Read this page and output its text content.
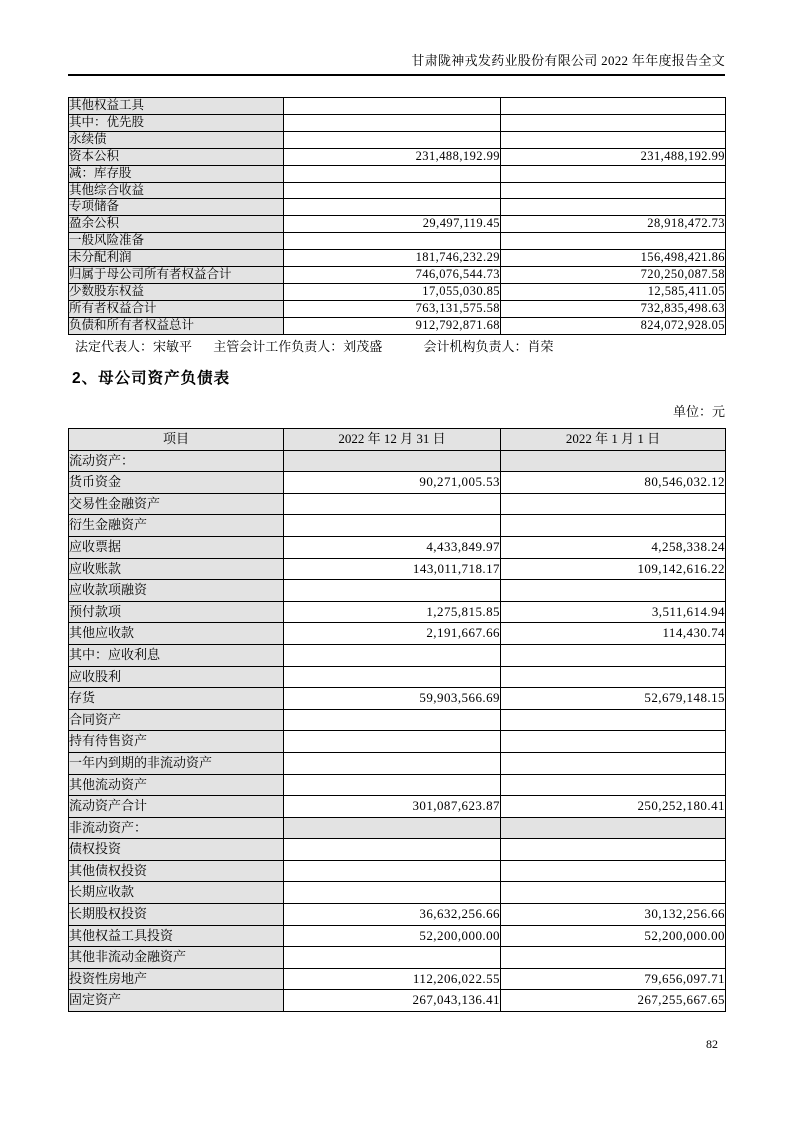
甘肃陇神戎发药业股份有限公司 2022 年年度报告全文
其他权益工具		
其中：优先股		
永续债		
资本公积	231,488,192.99	231,488,192.99
减：库存股		
其他综合收益		
专项储备		
盈余公积	29,497,119.45	28,918,472.73
一般风险准备		
未分配利润	181,746,232.29	156,498,421.86
归属于母公司所有者权益合计	746,076,544.73	720,250,087.58
少数股东权益	17,055,030.85	12,585,411.05
所有者权益合计	763,131,575.58	732,835,498.63
负债和所有者权益总计	912,792,871.68	824,072,928.05
法定代表人：宋敏平 主管会计工作负责人：刘茂盛	会计机构负责人：肖荣
2、母公司资产负债表
单位：元
项目	2022 年 12 月 31 日	2022 年 1 月 1 日
流动资产：		
货币资金	90,271,005.53	80,546,032.12
交易性金融资产		
衍生金融资产		
应收票据	4,433,849.97	4,258,338.24
应收账款	143,011,718.17	109,142,616.22
应收款项融资		
预付款项	1,275,815.85	3,511,614.94
其他应收款	2,191,667.66	114,430.74
其中：应收利息		
应收股利		
存货	59,903,566.69	52,679,148.15
合同资产		
持有待售资产		
一年内到期的非流动资产		
其他流动资产		
流动资产合计	301,087,623.87	250,252,180.41
非流动资产：		
债权投资		
其他债权投资		
长期应收款		
长期股权投资	36,632,256.66	30,132,256.66
其他权益工具投资	52,200,000.00	52,200,000.00
其他非流动金融资产		
投资性房地产	112,206,022.55	79,656,097.71
固定资产	267,043,136.41	267,255,667.65
82
